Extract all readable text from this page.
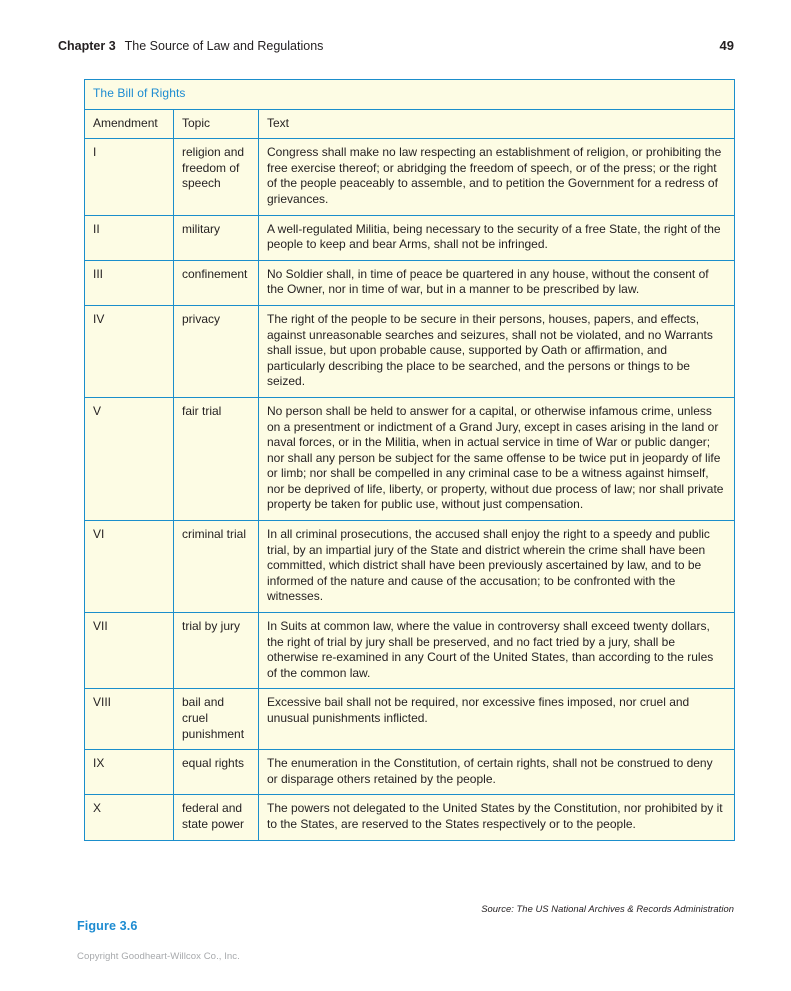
Chapter 3 The Source of Law and Regulations	49
The Bill of Rights		
Amendment	Topic	Text
I	religion and freedom of speech	Congress shall make no law respecting an establishment of religion, or prohibiting the free exercise thereof; or abridging the freedom of speech, or of the press; or the right of the people peaceably to assemble, and to petition the Government for a redress of grievances.
II	military	A well-regulated Militia, being necessary to the security of a free State, the right of the people to keep and bear Arms, shall not be infringed.
III	confinement	No Soldier shall, in time of peace be quartered in any house, without the consent of the Owner, nor in time of war, but in a manner to be prescribed by law.
IV	privacy	The right of the people to be secure in their persons, houses, papers, and effects, against unreasonable searches and seizures, shall not be violated, and no Warrants shall issue, but upon probable cause, supported by Oath or affirmation, and particularly describing the place to be searched, and the persons or things to be seized.
V	fair trial	No person shall be held to answer for a capital, or otherwise infamous crime, unless on a presentment or indictment of a Grand Jury, except in cases arising in the land or naval forces, or in the Militia, when in actual service in time of War or public danger; nor shall any person be subject for the same offense to be twice put in jeopardy of life or limb; nor shall be compelled in any criminal case to be a witness against himself, nor be deprived of life, liberty, or property, without due process of law; nor shall private property be taken for public use, without just compensation.
VI	criminal trial	In all criminal prosecutions, the accused shall enjoy the right to a speedy and public trial, by an impartial jury of the State and district wherein the crime shall have been committed, which district shall have been previously ascertained by law, and to be informed of the nature and cause of the accusation; to be confronted with the witnesses.
VII	trial by jury	In Suits at common law, where the value in controversy shall exceed twenty dollars, the right of trial by jury shall be preserved, and no fact tried by a jury, shall be otherwise re-examined in any Court of the United States, than according to the rules of the common law.
VIII	bail and cruel punishment	Excessive bail shall not be required, nor excessive fines imposed, nor cruel and unusual punishments inflicted.
IX	equal rights	The enumeration in the Constitution, of certain rights, shall not be construed to deny or disparage others retained by the people.
X	federal and state power	The powers not delegated to the United States by the Constitution, nor prohibited by it to the States, are reserved to the States respectively or to the people.
Source: The US National Archives & Records Administration
Figure 3.6
Copyright Goodheart-Willcox Co., Inc.
